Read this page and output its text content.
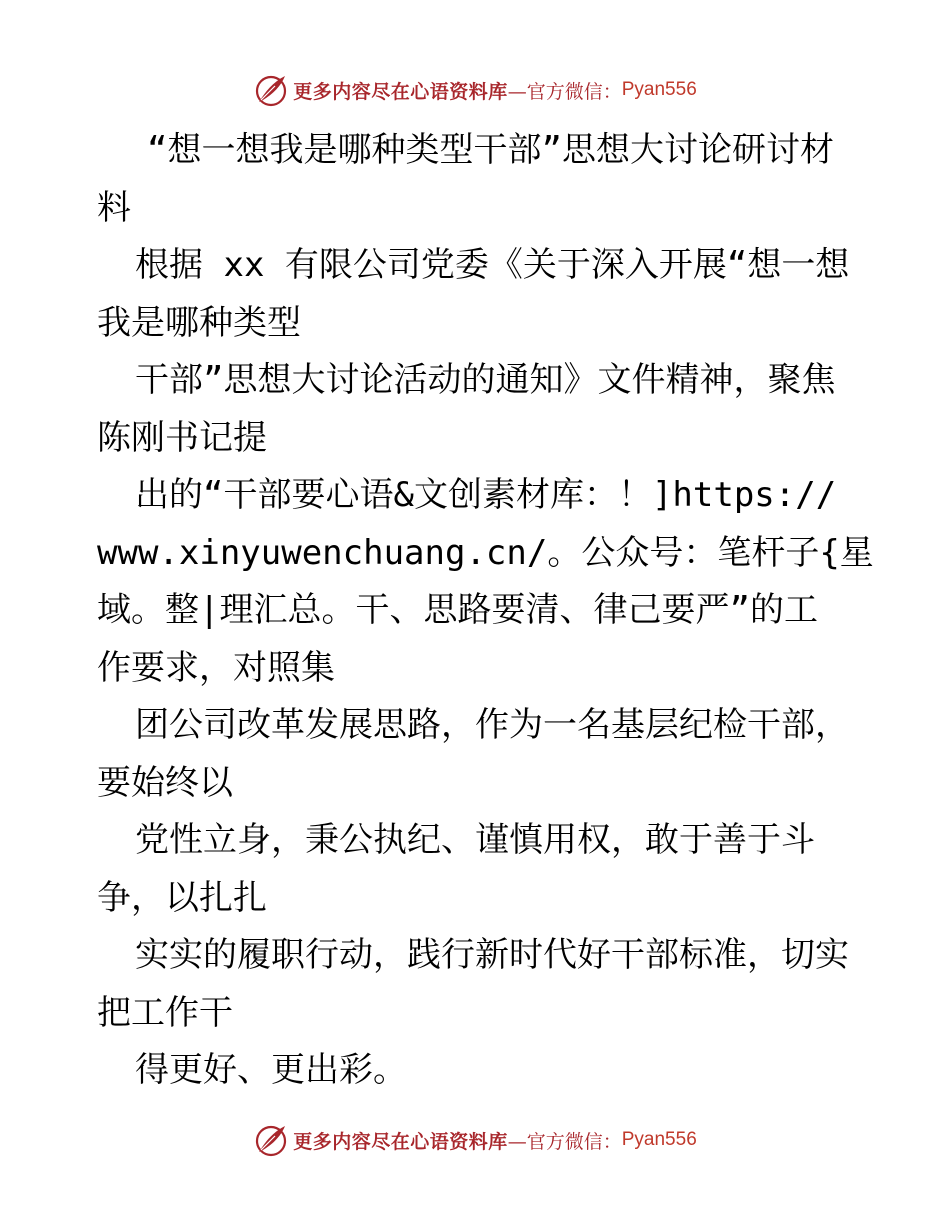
更多内容尽在心语资料库 —官方微信： Pyan556
“想一想我是哪种类型干部”思想大讨论研讨材
料
根据 xx 有限公司党委《关于深入开展“想一想
我是哪种类型
干部”思想大讨论活动的通知》文件精神，聚焦
陈刚书记提
出的“干部要心语&文创素材库：！]https://
www.xinyuwenchuang.cn/。公众号：笔杆子{星
域。整|理汇总。干、思路要清、律己要严”的工
作要求，对照集
团公司改革发展思路，作为一名基层纪检干部，
要始终以
党性立身，秉公执纪、谨慎用权，敢于善于斗
争，以扎扎
实实的履职行动，践行新时代好干部标准，切实
把工作干
得更好、更出彩。
更多内容尽在心语资料库 —官方微信： Pyan556
